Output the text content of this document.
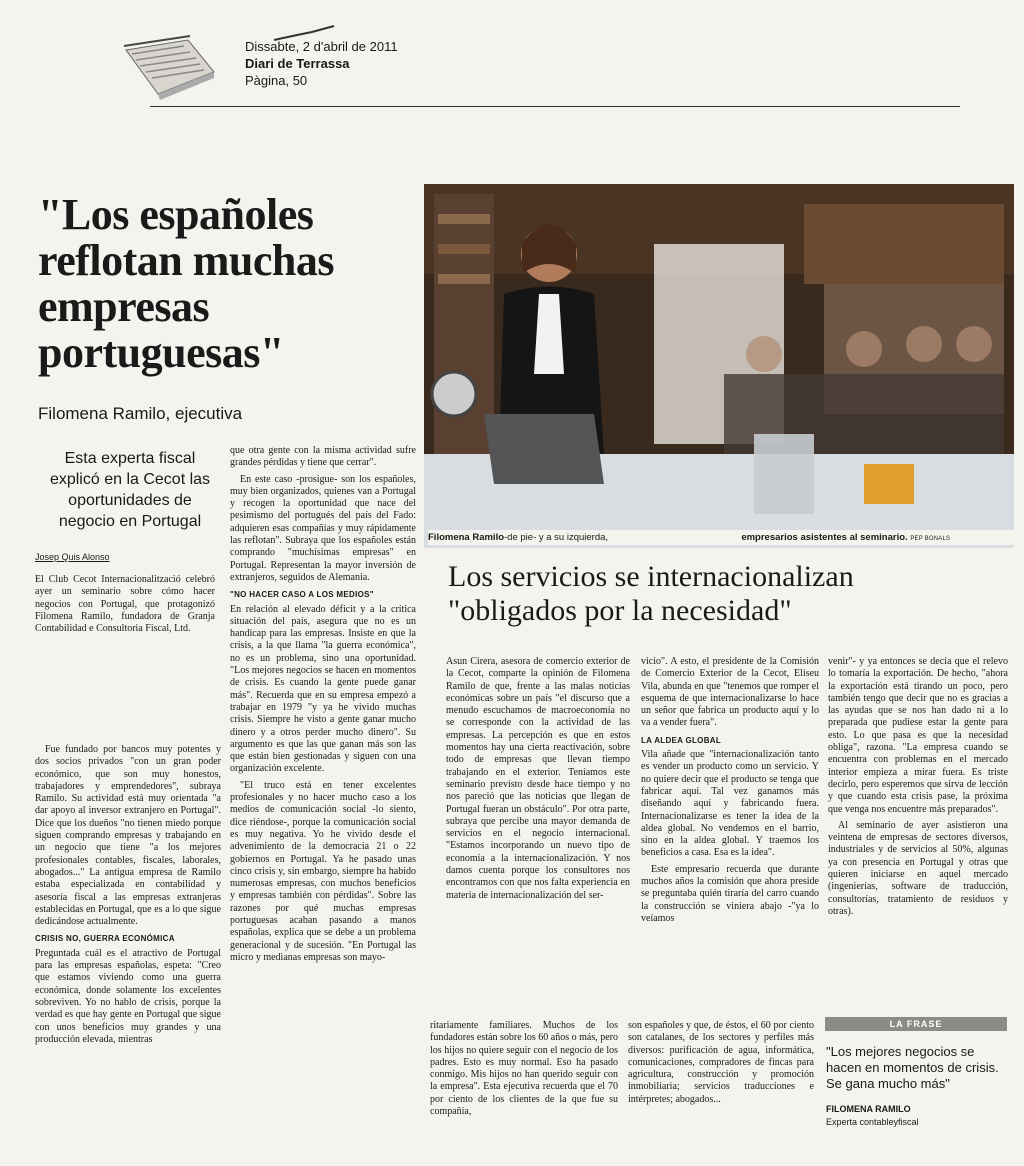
Dissabte, 2 d'abril de 2011
Diari de Terrassa
Pàgina, 50
"Los españoles reflotan muchas empresas portuguesas"
Filomena Ramilo, ejecutiva
Esta experta fiscal explicó en la Cecot las oportunidades de negocio en Portugal
Josep Quis Alonso

El Club Cecot Internacionalització celebró ayer un seminario sobre cómo hacer negocios con Portugal, que protagonizó Filomena Ramilo, fundadora de Granja Contabilidad e Consultoria Fiscal, Ltd.

Fue fundado por bancos muy potentes y dos socios privados "con un gran poder económico, que son muy honestos, trabajadores y emprendedores", subraya Ramilo. Su actividad está muy orientada "a dar apoyo al inversor extranjero en Portugal". Dice que los dueños "no tienen miedo porque siguen comprando empresas y trabajando en un negocio que tiene "a los mejores profesionales contables, fiscales, laborales, abogados..." La antigua empresa de Ramilo estaba especializada en contabilidad y asesoría fiscal a las empresas extranjeras establecidas en Portugal, que es a lo que sigue dedicándose actualmente.

CRISIS NO, GUERRA ECONÓMICA

Preguntada cuál es el atractivo de Portugal para las empresas españolas, espeta: "Creo que estamos viviendo como una guerra económica, donde solamente los excelentes sobreviven. Yo no hablo de crisis, porque la verdad es que hay gente en Portugal que sigue con unos beneficios muy grandes y una producción elevada, mientras

que otra gente con la misma actividad sufre grandes pérdidas y tiene que cerrar".

En este caso -prosigue- son los españoles, muy bien organizados, quienes van a Portugal y recogen la oportunidad que nace del pesimismo del portugués del país del Fado: adquieren esas compañías y muy rápidamente las reflotan". Subraya que los españoles están comprando "muchísimas empresas" en Portugal. Representan la mayor inversión de extranjeros, seguidos de Alemania.

"NO HACER CASO A LOS MEDIOS"

En relación al elevado déficit y a la crítica situación del país, asegura que no es un handicap para las empresas. Insiste en que la crisis, a la que llama "la guerra económica", no es un problema, sino una oportunidad. "Los mejores negocios se hacen en momentos de crisis. Es cuando la gente puede ganar más". Recuerda que en su empresa empezó a trabajar en 1979 "y ya he vivido muchas crisis. Siempre he visto a gente ganar mucho dinero y a otros perder mucho dinero". Su argumento es que las que ganan más son las que están bien gestionadas y siguen con una organización excelente.

"El truco está en tener excelentes profesionales y no hacer mucho caso a los medios de comunicación social -lo siento, dice riéndose-, porque la comunicación social es muy negativa. Yo he vivido desde el advenimiento de la democracia 21 o 22 gobiernos en Portugal. Ya he pasado unas cinco crisis y, sin embargo, siempre ha habido numerosas empresas, con muchos beneficios y empresas también con pérdidas". Sobre las razones por qué muchas empresas portuguesas acaban pasando a manos españolas, explica que se debe a un problema generacional y de sucesión. "En Portugal las micro y medianas empresas son mayo-

Filomena Ramilo-de pie- y a su izquierda,	empresarios asistentes al seminario. PEP BONALS
Los servicios se internacionalizan "obligados por la necesidad"

Asun Cirera, asesora de comercio exterior de la Cecot, comparte la opinión de Filomena Ramilo de que, frente a las malas noticias económicas sobre un país "el discurso que a menudo escuchamos de macroeconomía no se corresponde con la actividad de las empresas. La percepción es que en estos momentos hay una cierta reactivación, sobre todo de empresas que llevan tiempo trabajando en el exterior. Teníamos este seminario previsto desde hace tiempo y no nos pareció que las noticias que llegan de Portugal fueran un obstáculo". Por otra parte, subraya que percibe una mayor demanda de servicios en el negocio internacional. "Estamos incorporando un nuevo tipo de economía a la internacionalización. Y nos damos cuenta porque los consultores nos encontramos con que nos falta experiencia en materia de internacionalización del ser-

vicio". A esto, el presidente de la Comisión de Comercio Exterior de la Cecot, Eliseu Vila, abunda en que "tenemos que romper el esquema de que internacionalizarse lo hace un señor que fabrica un producto aquí y lo va a vender fuera".

LA ALDEA GLOBAL

Vila añade que "internacionalización tanto es vender un producto como un servicio. Y no quiere decir que el producto se tenga que fabricar aquí. Tal vez ganamos más diseñando aquí y fabricando fuera. Internacionalizarse es tener la idea de la aldea global. No vendemos en el barrio, sino en la aldea global. Y traemos los beneficios a casa. Esa es la idea".

Este empresario recuerda que durante muchos años la comisión que ahora preside se preguntaba quién tiraría del carro cuando la construcción se viniera abajo -"ya lo veíamos

venir"- y ya entonces se decía que el relevo lo tomaría la exportación. De hecho, "ahora la exportación está tirando un poco, pero también tengo que decir que no es gracias a las ayudas que se nos han dado ni a lo preparada que pudiese estar la gente para esto. Lo que pasa es que la necesidad obliga", razona. "La empresa cuando se encuentra con problemas en el mercado interior empieza a mirar fuera. Es triste decirlo, pero esperemos que sirva de lección y que cuando esta crisis pase, la próxima que venga nos encuentre más preparados".

Al seminario de ayer asistieron una veintena de empresas de sectores diversos, industriales y de servicios al 50%, algunas ya con presencia en Portugal y otras que quieren iniciarse en aquel mercado (ingenierías, software de traducción, consultorías, tratamiento de residuos y otras).

ritariamente familiares. Muchos de los fundadores están sobre los 60 años o más, pero los hijos no quiere seguir con el negocio de los padres. Esto es muy normal. Eso ha pasado conmigo. Mis hijos no han querido seguir con la empresa". Esta ejecutiva recuerda que el 70 por ciento de los clientes de la que fue su compañía,

son españoles y que, de éstos, el 60 por ciento son catalanes, de los sectores y perfiles más diversos: purificación de agua, informática, comunicaciones, compradores de fincas para agricultura, construcción y promoción inmobiliaria; servicios traducciones e intérpretes; abogados...

LA FRASE
"Los mejores negocios se hacen en momentos de crisis. Se gana mucho más"
FILOMENA RAMILO
Experta contableyfiscal
